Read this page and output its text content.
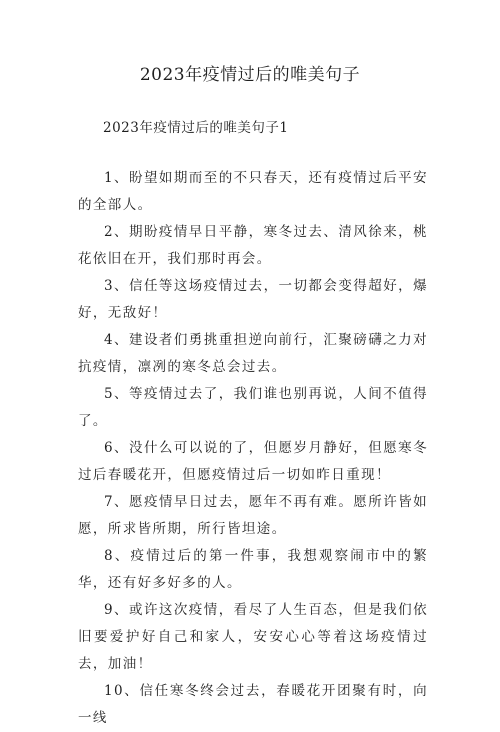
2023年疫情过后的唯美句子
2023年疫情过后的唯美句子1

1、盼望如期而至的不只春天，还有疫情过后平安的全部人。

2、期盼疫情早日平静，寒冬过去、清风徐来，桃花依旧在开，我们那时再会。

3、信任等这场疫情过去，一切都会变得超好，爆好，无敌好！

4、建设者们勇挑重担逆向前行，汇聚磅礴之力对抗疫情，凛冽的寒冬总会过去。

5、等疫情过去了，我们谁也别再说，人间不值得了。

6、没什么可以说的了，但愿岁月静好，但愿寒冬过后春暖花开，但愿疫情过后一切如昨日重现！

7、愿疫情早日过去，愿年不再有难。愿所许皆如愿，所求皆所期，所行皆坦途。

8、疫情过后的第一件事，我想观察闹市中的繁华，还有好多好多的人。

9、或许这次疫情，看尽了人生百态，但是我们依旧要爱护好自己和家人，安安心心等着这场疫情过去，加油！

10、信任寒冬终会过去，春暖花开团聚有时，向一线
